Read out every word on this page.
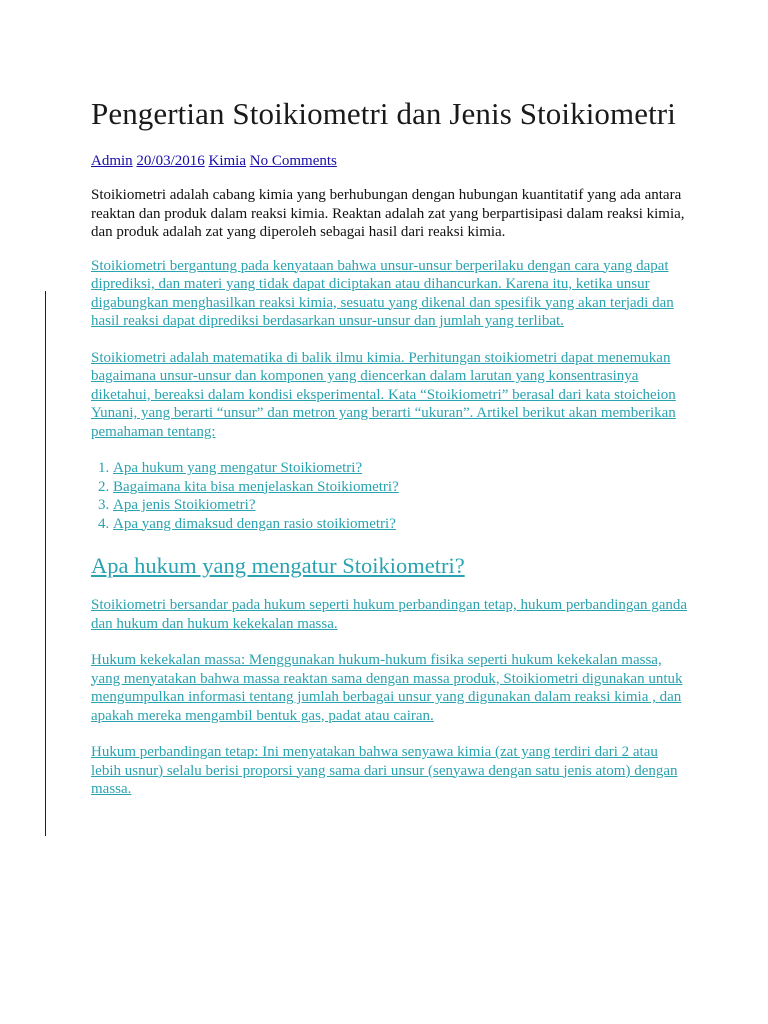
Pengertian Stoikiometri dan Jenis Stoikiometri
Admin 20/03/2016 Kimia No Comments

Stoikiometri adalah cabang kimia yang berhubungan dengan hubungan kuantitatif yang ada antara reaktan dan produk dalam reaksi kimia. Reaktan adalah zat yang berpartisipasi dalam reaksi kimia, dan produk adalah zat yang diperoleh sebagai hasil dari reaksi kimia.

Stoikiometri bergantung pada kenyataan bahwa unsur-unsur berperilaku dengan cara yang dapat diprediksi, dan materi yang tidak dapat diciptakan atau dihancurkan. Karena itu, ketika unsur digabungkan menghasilkan reaksi kimia, sesuatu yang dikenal dan spesifik yang akan terjadi dan hasil reaksi dapat diprediksi berdasarkan unsur-unsur dan jumlah yang terlibat.

Stoikiometri adalah matematika di balik ilmu kimia. Perhitungan stoikiometri dapat menemukan bagaimana unsur-unsur dan komponen yang diencerkan dalam larutan yang konsentrasinya diketahui, bereaksi dalam kondisi eksperimental. Kata “Stoikiometri” berasal dari kata stoicheion Yunani, yang berarti “unsur” dan metron yang berarti “ukuran”. Artikel berikut akan memberikan pemahaman tentang:

1. Apa hukum yang mengatur Stoikiometri?
2. Bagaimana kita bisa menjelaskan Stoikiometri?
3. Apa jenis Stoikiometri?
4. Apa yang dimaksud dengan rasio stoikiometri?
Apa hukum yang mengatur Stoikiometri?

Stoikiometri bersandar pada hukum seperti hukum perbandingan tetap, hukum perbandingan ganda dan hukum dan hukum kekekalan massa.

Hukum kekekalan massa: Menggunakan hukum-hukum fisika seperti hukum kekekalan massa, yang menyatakan bahwa massa reaktan sama dengan massa produk, Stoikiometri digunakan untuk mengumpulkan informasi tentang jumlah berbagai unsur yang digunakan dalam reaksi kimia , dan apakah mereka mengambil bentuk gas, padat atau cairan.

Hukum perbandingan tetap: Ini menyatakan bahwa senyawa kimia (zat yang terdiri dari 2 atau lebih usnur) selalu berisi proporsi yang sama dari unsur (senyawa dengan satu jenis atom) dengan massa.
